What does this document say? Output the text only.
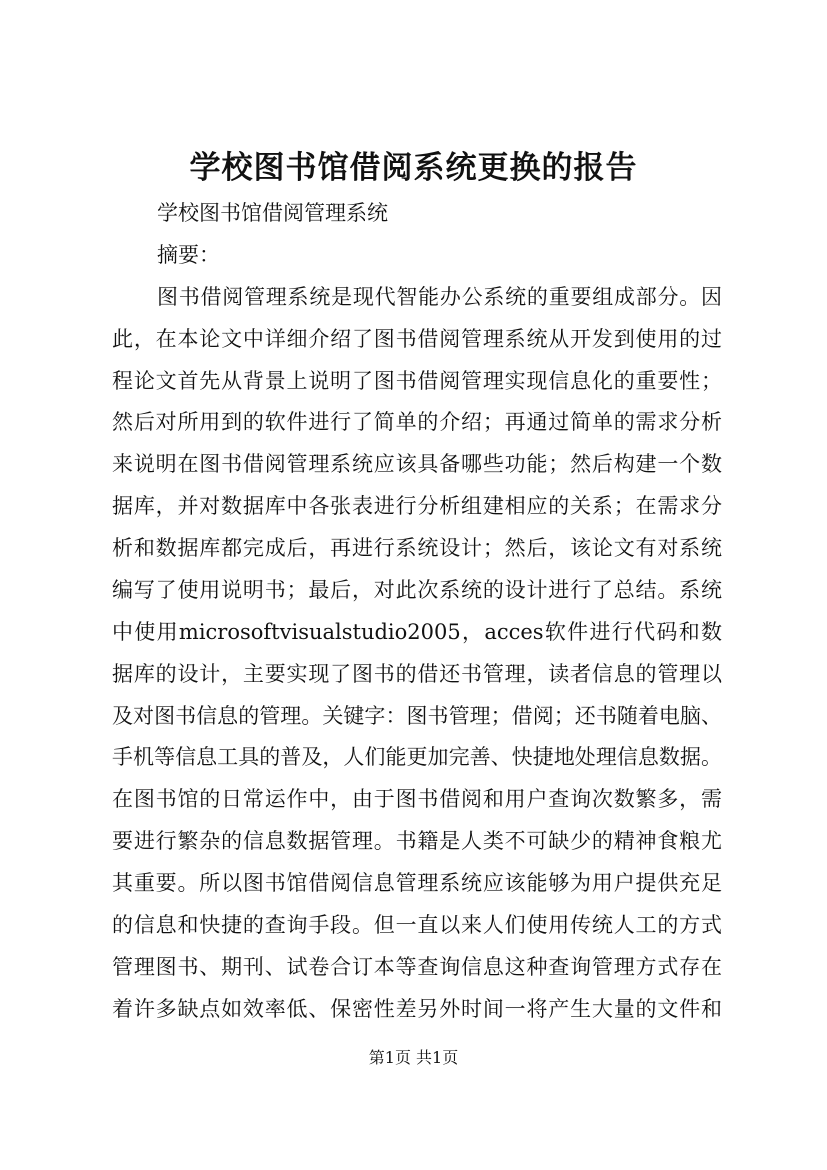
学校图书馆借阅系统更换的报告
学校图书馆借阅管理系统
摘要：
图书借阅管理系统是现代智能办公系统的重要组成部分。因
此，在本论文中详细介绍了图书借阅管理系统从开发到使用的过
程论文首先从背景上说明了图书借阅管理实现信息化的重要性；
然后对所用到的软件进行了简单的介绍；再通过简单的需求分析
来说明在图书借阅管理系统应该具备哪些功能；然后构建一个数
据库，并对数据库中各张表进行分析组建相应的关系；在需求分
析和数据库都完成后，再进行系统设计；然后，该论文有对系统
编写了使用说明书；最后，对此次系统的设计进行了总结。系统
中使用microsoftvisualstudio2005，acces软件进行代码和数
据库的设计，主要实现了图书的借还书管理，读者信息的管理以
及对图书信息的管理。关键字：图书管理；借阅；还书随着电脑、
手机等信息工具的普及，人们能更加完善、快捷地处理信息数据。
在图书馆的日常运作中，由于图书借阅和用户查询次数繁多，需
要进行繁杂的信息数据管理。书籍是人类不可缺少的精神食粮尤
其重要。所以图书馆借阅信息管理系统应该能够为用户提供充足
的信息和快捷的查询手段。但一直以来人们使用传统人工的方式
管理图书、期刊、试卷合订本等查询信息这种查询管理方式存在
着许多缺点如效率低、保密性差另外时间一将产生大量的文件和
第1页 共1页
